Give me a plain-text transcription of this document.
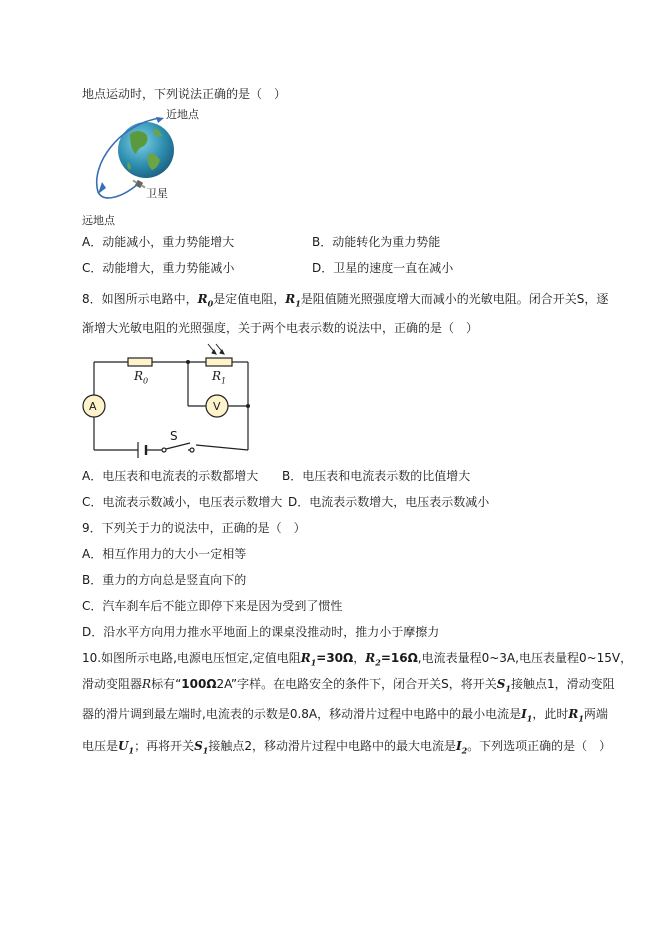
地点运动时，下列说法正确的是（　）
近地点
卫星
远地点
A．动能减小，重力势能增大	B．动能转化为重力势能
C．动能增大，重力势能减小	D．卫星的速度一直在减小
8．如图所示电路中，$R_0$是定值电阻，$R_1$是阻值随光照强度增大而减小的光敏电阻。闭合开关S，逐
渐增大光敏电阻的光照强度，关于两个电表示数的说法中，正确的是（　）
$R_0$	$R_1$
A	V
S
A．电压表和电流表的示数都增大 B．电压表和电流表示数的比值增大
C．电流表示数减小，电压表示数增大 D．电流表示数增大，电压表示数减小
9．下列关于力的说法中，正确的是（　）
A．相互作用力的大小一定相等
B．重力的方向总是竖直向下的
C．汽车刹车后不能立即停下来是因为受到了惯性
D．沿水平方向用力推水平地面上的课桌没推动时，推力小于摩擦力
10.如图所示电路,电源电压恒定,定值电阻$R_1=30\Omega$，$R_2=16\Omega$,电流表量程0~3A,电压表量程0~15V，
滑动变阻器R标有“100Ω2A”字样。在电路安全的条件下，闭合开关S，将开关$S_1$接触点1，滑动变阻
器的滑片调到最左端时,电流表的示数是0.8A，移动滑片过程中电路中的最小电流是$I_1$，此时$R_1$两端
电压是$U_1$；再将开关$S_1$接触点2，移动滑片过程中电路中的最大电流是$I_2$。下列选项正确的是（　）
